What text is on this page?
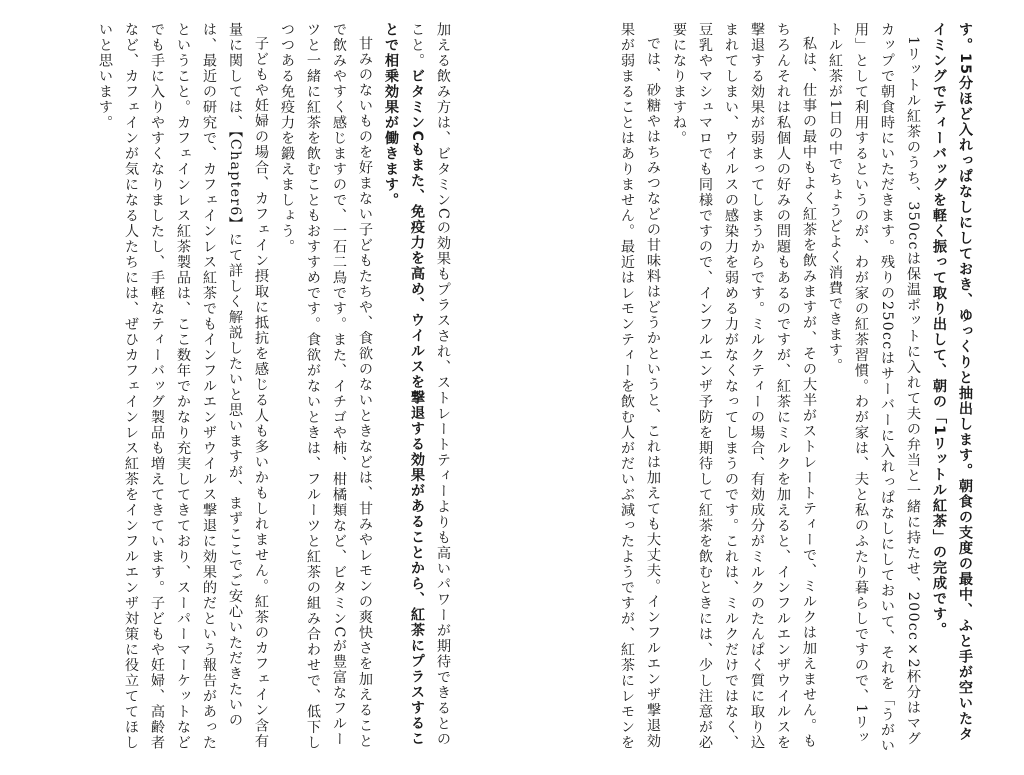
す。15分ほど入れっぱなしにしておき、ゆっくりと抽出します。朝食の支度の最中、ふと手が空いたタイミングでティーバッグを軽く振って取り出して、朝の「1リットル紅茶」の完成です。

1リットル紅茶のうち、350ccは保温ポットに入れて夫の弁当と一緒に持たせ、200cc×2杯分はマグカップで朝食時にいただきます。残りの250ccはサーバーに入れっぱなしにしておいて、それを「うがい用」として利用するというのが、わが家の紅茶習慣。わが家は、夫と私のふたり暮らしですので、1リットル紅茶が1日の中でちょうどよく消費できます。

私は、仕事の最中もよく紅茶を飲みますが、その大半がストレートティーで、ミルクは加えません。もちろんそれは私個人の好みの問題もあるのですが、紅茶にミルクを加えると、インフルエンザウイルスを撃退する効果が弱まってしまうからです。ミルクティーの場合、有効成分がミルクのたんぱく質に取り込まれてしまい、ウイルスの感染力を弱める力がなくなってしまうのです。これは、ミルクだけではなく、豆乳やマシュマロでも同様ですので、インフルエンザ予防を期待して紅茶を飲むときには、少し注意が必要になりますね。

では、砂糖やはちみつなどの甘味料はどうかというと、これは加えても大丈夫。インフルエンザ撃退効果が弱まることはありません。最近はレモンティーを飲む人がだいぶ減ったようですが、紅茶にレモンを

加える飲み方は、ビタミンCの効果もプラスされ、ストレートティーよりも高いパワーが期待できるとのこと。ビタミンCもまた、免疫力を高め、ウイルスを撃退する効果があることから、紅茶にプラスすることで相乗効果が働きます。

甘みのないものを好まない子どもたちや、食欲のないときなどは、甘みやレモンの爽快さを加えることで飲みやすく感じますので、一石二鳥です。また、イチゴや柿、柑橘類など、ビタミンCが豊富なフルーツと一緒に紅茶を飲むこともおすすめです。食欲がないときは、フルーツと紅茶の組み合わせで、低下しつつある免疫力を鍛えましょう。

子どもや妊婦の場合、カフェイン摂取に抵抗を感じる人も多いかもしれません。紅茶のカフェイン含有量に関しては、【Chapter6】にて詳しく解説したいと思いますが、まずここでご安心いただきたいのは、最近の研究で、カフェインレス紅茶でもインフルエンザウイルス撃退に効果的だという報告があったということ。カフェインレス紅茶製品は、ここ数年でかなり充実してきており、スーパーマーケットなどでも手に入りやすくなりましたし、手軽なティーバッグ製品も増えてきています。子どもや妊婦、高齢者など、カフェインが気になる人たちには、ぜひカフェインレス紅茶をインフルエンザ対策に役立ててほしいと思います。
